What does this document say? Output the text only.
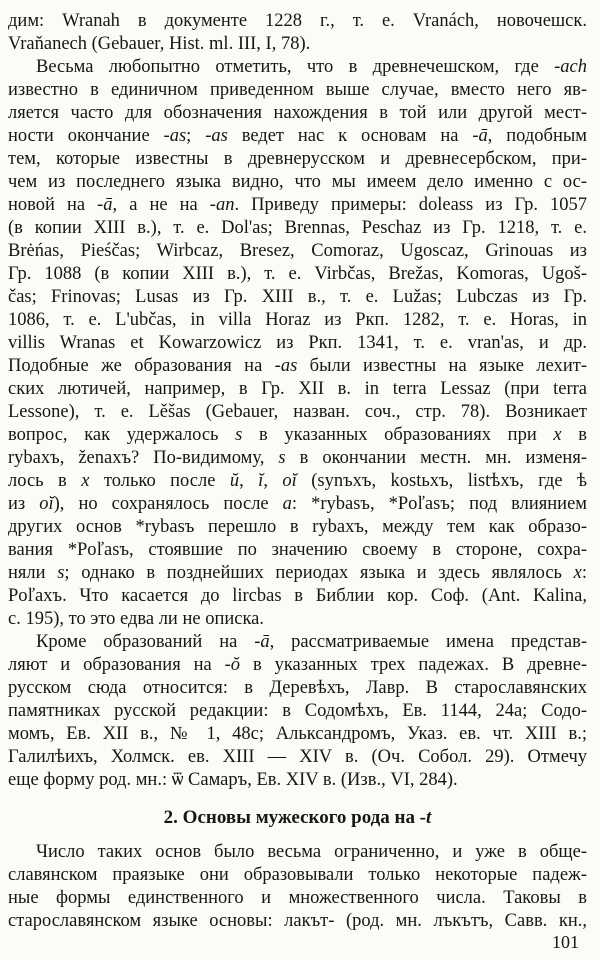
дим: Wranah в документе 1228 г., т. е. Vranách, новочешск.
Vraňanech (Gebauer, Hist. ml. III, I, 78).
Весьма любопытно отметить, что в древнечешском, где -ach
известно в единичном приведенном выше случае, вместо него яв-
ляется часто для обозначения нахождения в той или другой мест-
ности окончание -as; -as ведет нас к основам на -ā, подобным
тем, которые известны в древнерусском и древнесербском, при-
чем из последнего языка видно, что мы имеем дело именно с ос-
новой на -ā, а не на -an. Приведу примеры: doleass из Гр. 1057
(в копии XIII в.), т. е. Dol'as; Brennas, Peschaz из Гр. 1218, т. е.
Brėńas, Pieśčas; Wirbcaz, Bresez, Comoraz, Ugoscaz, Grinouas из
Гр. 1088 (в копии XIII в.), т. е. Virbčas, Brežas, Komoras, Ugoš-
čas; Frinovas; Lusas из Гр. XIII в., т. е. Lužas; Lubczas из Гр.
1086, т. е. L'ubčas, in villa Horaz из Ркп. 1282, т. е. Horas, in
villis Wranas et Kowarzowicz из Ркп. 1341, т. е. vran'as, и др.
Подобные же образования на -as были известны на языке лехит-
ских лютичей, например, в Гр. XII в. in terra Lessaz (при terra
Lessone), т. е. Lěšas (Gebauer, назван. соч., стр. 78). Возникает
вопрос, как удержалось s в указанных образованиях при x в
rybaxъ, ženaxъ? По-видимому, s в окончании местн. мн. изменя-
лось в x только после ŭ, ĭ, oĭ (synъxъ, kostьxъ, listѣxъ, где ѣ
из oĭ), но сохранялось после a: *rybasъ, *Poľasъ; под влиянием
других основ *rybasъ перешло в rybaxъ, между тем как образо-
вания *Poľasъ, стоявшие по значению своему в стороне, сохра-
няли s; однако в позднейших периодах языка и здесь являлось x:
Poľaxъ. Что касается до lircbas в Библии кор. Соф. (Ant. Kalina,
с. 195), то это едва ли не описка.
Кроме образований на -ā, рассматриваемые имена представ-
ляют и образования на -ŏ в указанных трех падежах. В древне-
русском сюда относится: в Деревѣхъ, Лавр. В старославянских
памятниках русской редакции: в Содомѣхъ, Ев. 1144, 24а; Содо-
момъ, Ев. XII в., № 1, 48с; Альксандромъ, Указ. ев. чт. XIII в.;
Галилѣихъ, Холмск. ев. XIII — XIV в. (Оч. Собол. 29). Отмечу
еще форму род. мн.: ѿ Самаръ, Ев. XIV в. (Изв., VI, 284).
2. Основы мужеского рода на -t
Число таких основ было весьма ограниченно, и уже в обще-
славянском праязыке они образовывали только некоторые падеж-
ные формы единственного и множественного числа. Таковы в
старославянском языке основы: лакът- (род. мн. лъкътъ, Савв. кн.,
101
